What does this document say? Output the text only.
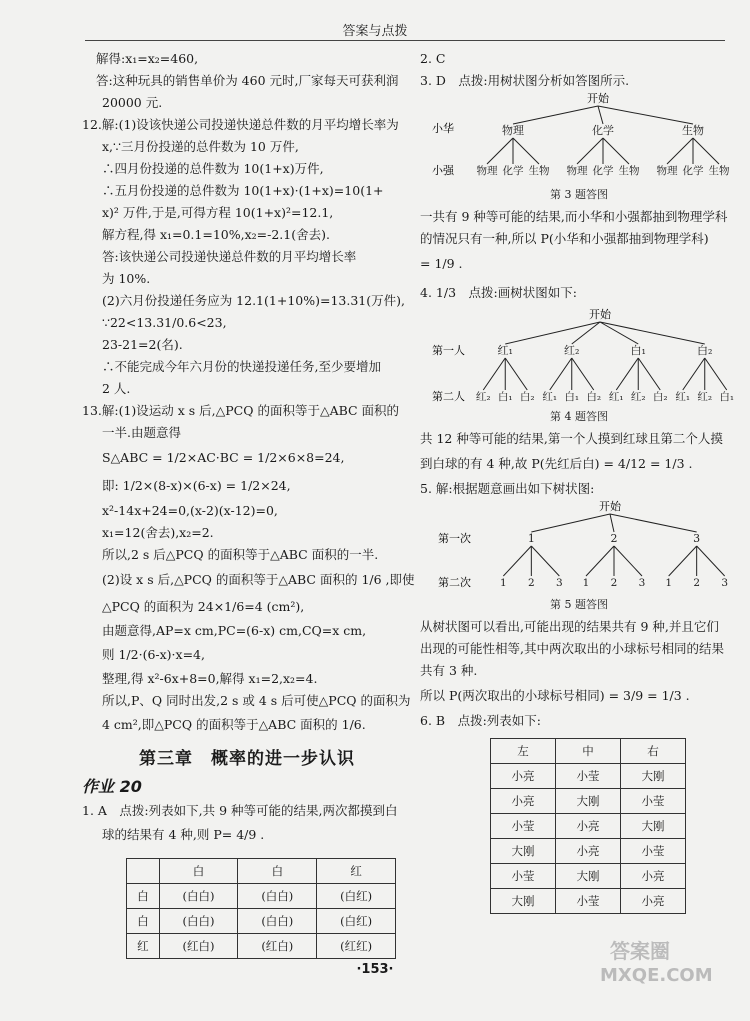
答案与点拨
解得:x₁=x₂=460,
答:这种玩具的销售单价为 460 元时,厂家每天可获利润
20000 元.
12.解:(1)设该快递公司投递快递总件数的月平均增长率为
x,∵三月份投递的总件数为 10 万件,
∴四月份投递的总件数为 10(1+x)万件,
∴五月份投递的总件数为 10(1+x)·(1+x)=10(1+
x)² 万件,于是,可得方程 10(1+x)²=12.1,
解方程,得 x₁=0.1=10%,x₂=-2.1(舍去).
答:该快递公司投递快递总件数的月平均增长率
为 10%.
(2)六月份投递任务应为 12.1(1+10%)=13.31(万件),
∵22<13.31/0.6<23,
23-21=2(名).
∴不能完成今年六月份的快递投递任务,至少要增加
2 人.
13.解:(1)设运动 x s 后,△PCQ 的面积等于△ABC 面积的
一半.由题意得
S△ABC = 1/2×AC·BC = 1/2×6×8=24,
即: 1/2×(8-x)×(6-x) = 1/2×24,
x²-14x+24=0,(x-2)(x-12)=0,
x₁=12(舍去),x₂=2.
所以,2 s 后△PCQ 的面积等于△ABC 面积的一半.
(2)设 x s 后,△PCQ 的面积等于△ABC 面积的 1/6 ,即使
△PCQ 的面积为 24×1/6=4 (cm²),
由题意得,AP=x cm,PC=(6-x) cm,CQ=x cm,
则 1/2·(6-x)·x=4,
整理,得 x²-6x+8=0,解得 x₁=2,x₂=4.
所以,P、Q 同时出发,2 s 或 4 s 后可使△PCQ 的面积为
4 cm²,即△PCQ 的面积等于△ABC 面积的 1/6.
第三章　概率的进一步认识
作业 20
1. A　点拨:列表如下,共 9 种等可能的结果,两次都摸到白
球的结果有 4 种,则 P= 4/9 .
	白	白	红
白	(白白)	(白白)	(白红)
白	(白白)	(白白)	(白红)
红	(红白)	(红白)	(红红)
2. C
3. D　点拨:用树状图分析如答图所示.
开始
小华
小强
物理
物理 化学 生物
化学
物理 化学 生物
生物
物理 化学 生物
第 3 题答图
一共有 9 种等可能的结果,而小华和小强都抽到物理学科
的情况只有一种,所以 P(小华和小强都抽到物理学科)
= 1/9 .
4. 1/3　点拨:画树状图如下:
开始
第一人
第二人
红₁
红₂ 白₁ 白₂
红₂
红₁ 白₁ 白₂
白₁
红₁ 红₂ 白₂
白₂
红₁ 红₂ 白₁
第 4 题答图
共 12 种等可能的结果,第一个人摸到红球且第二个人摸
到白球的有 4 种,故 P(先红后白) = 4/12 = 1/3 .
5. 解:根据题意画出如下树状图:
开始
第一次
第二次
1
1 2 3
2
1 2 3
3
1 2 3
第 5 题答图
从树状图可以看出,可能出现的结果共有 9 种,并且它们
出现的可能性相等,其中两次取出的小球标号相同的结果
共有 3 种.
所以 P(两次取出的小球标号相同) = 3/9 = 1/3 .
6. B　点拨:列表如下:
左	中	右
小亮	小莹	大刚
小亮	大刚	小莹
小莹	小亮	大刚
大刚	小亮	小莹
小莹	大刚	小亮
大刚	小莹	小亮
·153·
答案圈
MXQE.COM
